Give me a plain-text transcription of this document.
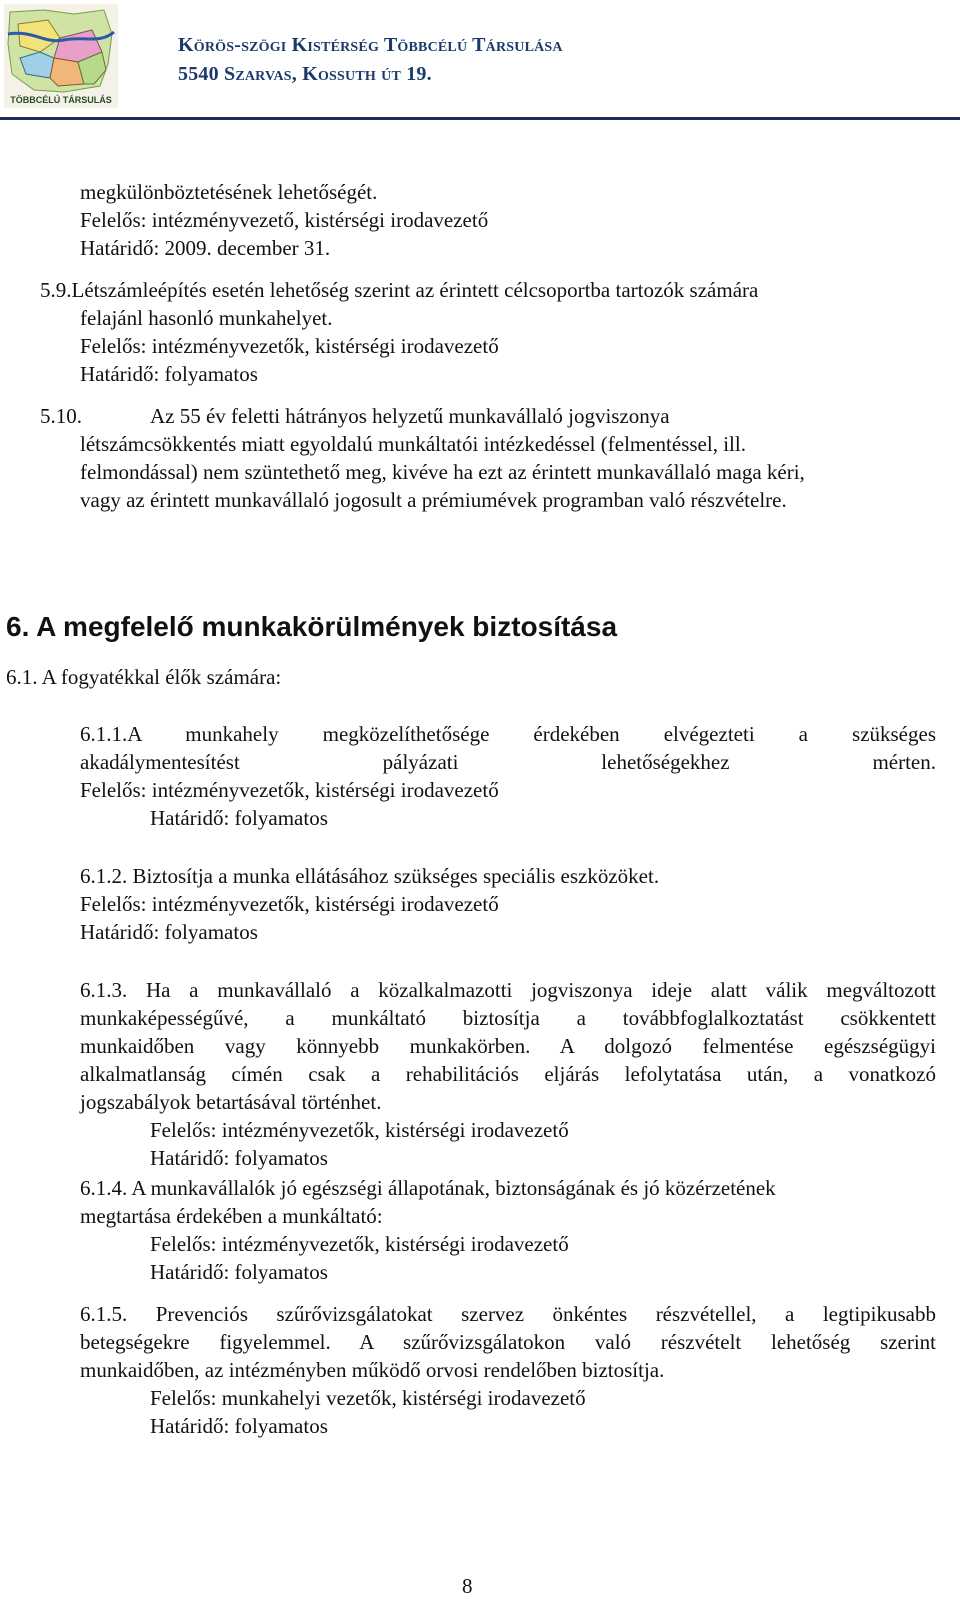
TÖBBCÉLÚ TÁRSULÁS
Körös-szögi Kistérség Többcélú Társulása
5540 Szarvas, Kossuth út 19.
megkülönböztetésének lehetőségét.
Felelős: intézményvezető, kistérségi irodavezető
Határidő: 2009. december 31.
5.9.Létszámleépítés esetén lehetőség szerint az érintett célcsoportba tartozók számára
felajánl hasonló munkahelyet.
Felelős: intézményvezetők, kistérségi irodavezető
Határidő: folyamatos
5.10.	Az 55 év feletti hátrányos helyzetű munkavállaló jogviszonya
létszámcsökkentés miatt egyoldalú munkáltatói intézkedéssel (felmentéssel, ill.
felmondással) nem szüntethető meg, kivéve ha ezt az érintett munkavállaló maga kéri,
vagy az érintett munkavállaló jogosult a prémiumévek programban való részvételre.
6. A megfelelő munkakörülmények biztosítása
6.1. A fogyatékkal élők számára:
6.1.1.A munkahely megközelíthetősége érdekében elvégezteti a szükséges
akadálymentesítést pályázati lehetőségekhez mérten.
Felelős: intézményvezetők, kistérségi irodavezető
Határidő: folyamatos
6.1.2. Biztosítja a munka ellátásához szükséges speciális eszközöket.
Felelős: intézményvezetők, kistérségi irodavezető
Határidő: folyamatos
6.1.3. Ha a munkavállaló a közalkalmazotti jogviszonya ideje alatt válik megváltozott
munkaképességűvé, a munkáltató biztosítja a továbbfoglalkoztatást csökkentett
munkaidőben vagy könnyebb munkakörben. A dolgozó felmentése egészségügyi
alkalmatlanság címén csak a rehabilitációs eljárás lefolytatása után, a vonatkozó
jogszabályok betartásával történhet.
Felelős: intézményvezetők, kistérségi irodavezető
Határidő: folyamatos
6.1.4. A munkavállalók jó egészségi állapotának, biztonságának és jó közérzetének
megtartása érdekében a munkáltató:
Felelős: intézményvezetők, kistérségi irodavezető
Határidő: folyamatos
6.1.5. Prevenciós szűrővizsgálatokat szervez önkéntes részvétellel, a legtipikusabb
betegségekre figyelemmel. A szűrővizsgálatokon való részvételt lehetőség szerint
munkaidőben, az intézményben működő orvosi rendelőben biztosítja.
Felelős: munkahelyi vezetők, kistérségi irodavezető
Határidő: folyamatos
8
